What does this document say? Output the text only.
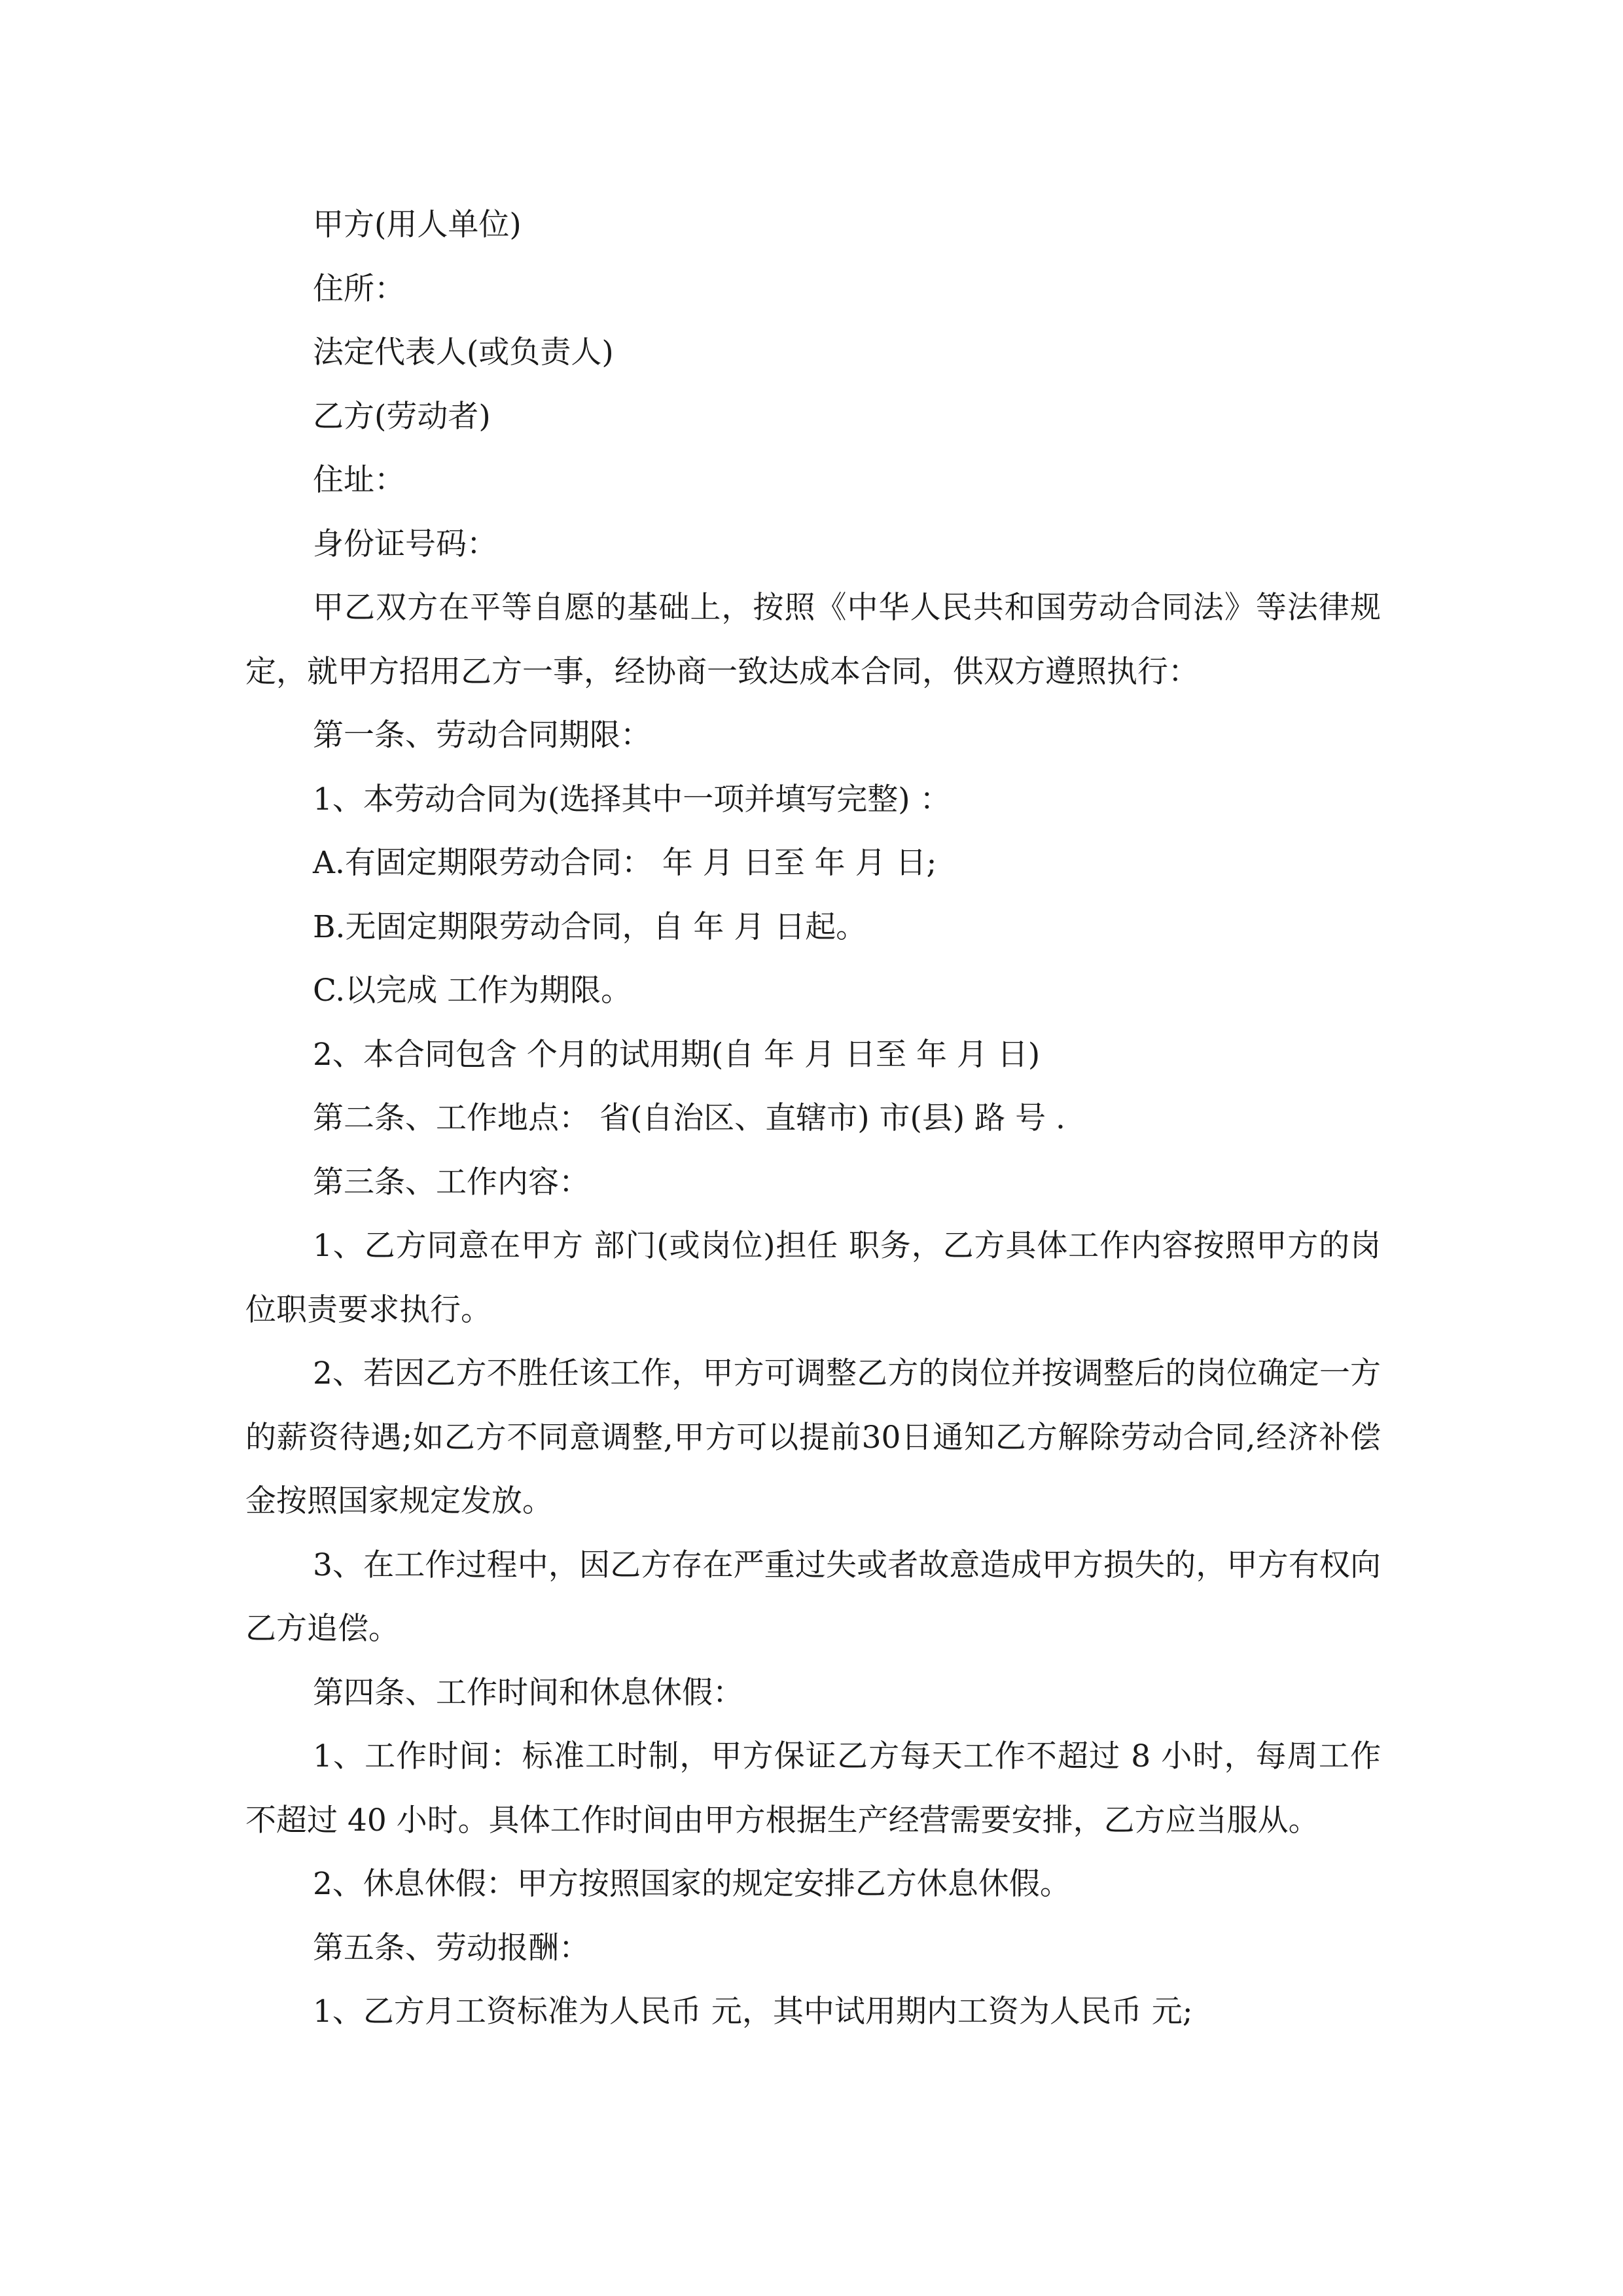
甲方(用人单位)
住所：
法定代表人(或负责人)
乙方(劳动者)
住址：
身份证号码：

甲乙双方在平等自愿的基础上，按照《中华人民共和国劳动合同法》等法律规定，就甲方招用乙方一事，经协商一致达成本合同，供双方遵照执行：

第一条、劳动合同期限：
1、本劳动合同为(选择其中一项并填写完整) ：
A.有固定期限劳动合同： 年 月 日至 年 月 日;
B.无固定期限劳动合同，自 年 月 日起。
C.以完成 工作为期限。
2、本合同包含 个月的试用期(自 年 月 日至 年 月 日)
第二条、工作地点： 省(自治区、直辖市) 市(县) 路 号 .
第三条、工作内容：

1、乙方同意在甲方 部门(或岗位)担任 职务，乙方具体工作内容按照甲方的岗位职责要求执行。

2、若因乙方不胜任该工作，甲方可调整乙方的岗位并按调整后的岗位确定一方的薪资待遇;如乙方不同意调整,甲方可以提前30日通知乙方解除劳动合同,经济补偿金按照国家规定发放。

3、在工作过程中，因乙方存在严重过失或者故意造成甲方损失的，甲方有权向乙方追偿。

第四条、工作时间和休息休假：

1、工作时间：标准工时制，甲方保证乙方每天工作不超过 8 小时，每周工作不超过 40 小时。具体工作时间由甲方根据生产经营需要安排，乙方应当服从。

2、休息休假：甲方按照国家的规定安排乙方休息休假。
第五条、劳动报酬：
1、乙方月工资标准为人民币 元，其中试用期内工资为人民币 元;
